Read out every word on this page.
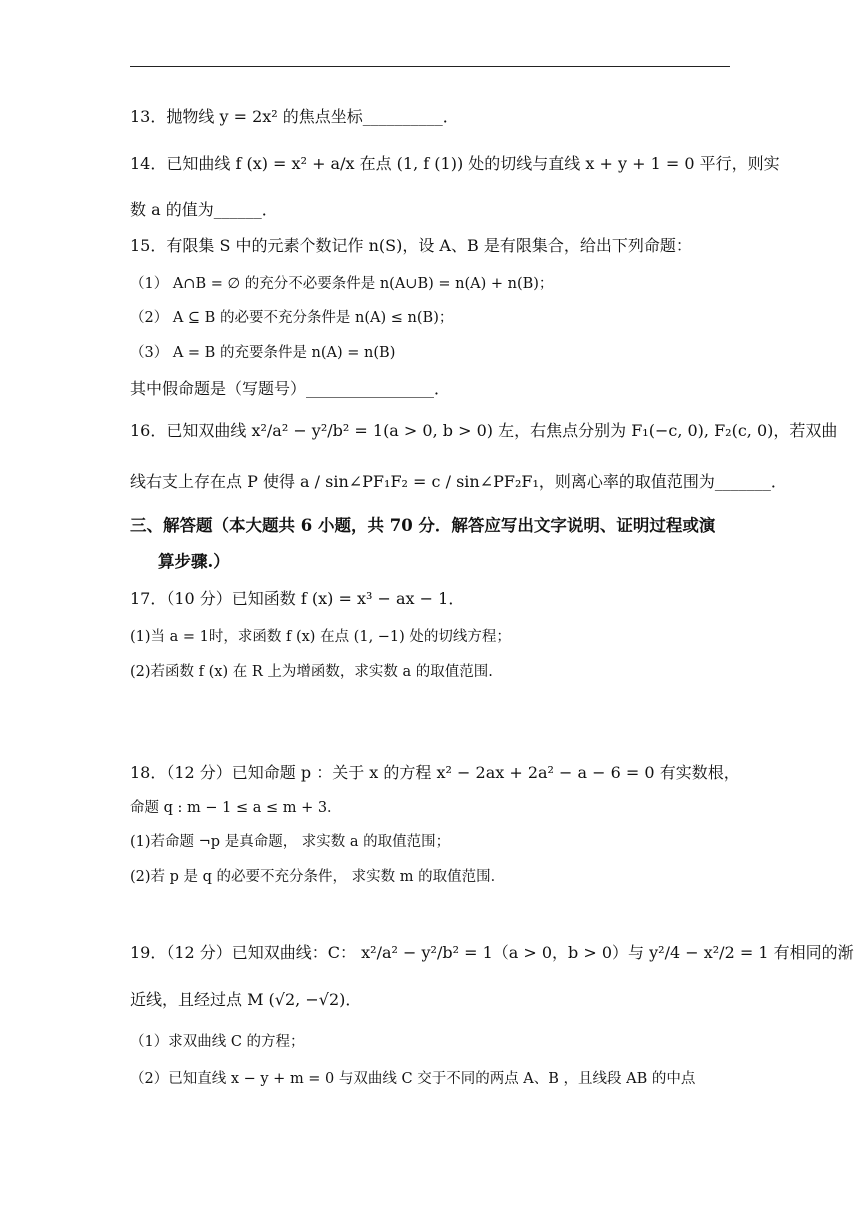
13．抛物线 y = 2x² 的焦点坐标__________．
14．已知曲线 f (x) = x² + a/x 在点 (1, f (1)) 处的切线与直线 x + y + 1 = 0 平行，则实
数 a 的值为______．
15．有限集 S 中的元素个数记作 n(S)，设 A、B 是有限集合，给出下列命题：
（1） A∩B = ∅ 的充分不必要条件是 n(A∪B) = n(A) + n(B)；
（2） A ⊆ B 的必要不充分条件是 n(A) ≤ n(B)；
（3） A = B 的充要条件是 n(A) = n(B)
其中假命题是（写题号）________________．
16．已知双曲线 x²/a² − y²/b² = 1(a > 0, b > 0) 左，右焦点分别为 F₁(−c, 0), F₂(c, 0)，若双曲
线右支上存在点 P 使得 a / sin∠PF₁F₂ = c / sin∠PF₂F₁，则离心率的取值范围为_______．
三、解答题（本大题共 6 小题，共 70 分．解答应写出文字说明、证明过程或演
算步骤.）
17．（10 分）已知函数 f (x) = x³ − ax − 1．
(1)当 a = 1时，求函数 f (x) 在点 (1, −1) 处的切线方程；
(2)若函数 f (x) 在 R 上为增函数，求实数 a 的取值范围.
18．（12 分）已知命题 p ：关于 x 的方程 x² − 2ax + 2a² − a − 6 = 0 有实数根，
命题 q : m − 1 ≤ a ≤ m + 3．
(1)若命题 ¬p 是真命题， 求实数 a 的取值范围；
(2)若 p 是 q 的必要不充分条件， 求实数 m 的取值范围．
19．（12 分）已知双曲线：C： x²/a² − y²/b² = 1（a > 0，b > 0）与 y²/4 − x²/2 = 1 有相同的渐
近线，且经过点 M (√2, −√2)．
（1）求双曲线 C 的方程；
（2）已知直线 x − y + m = 0 与双曲线 C 交于不同的两点 A、B ，且线段 AB 的中点
